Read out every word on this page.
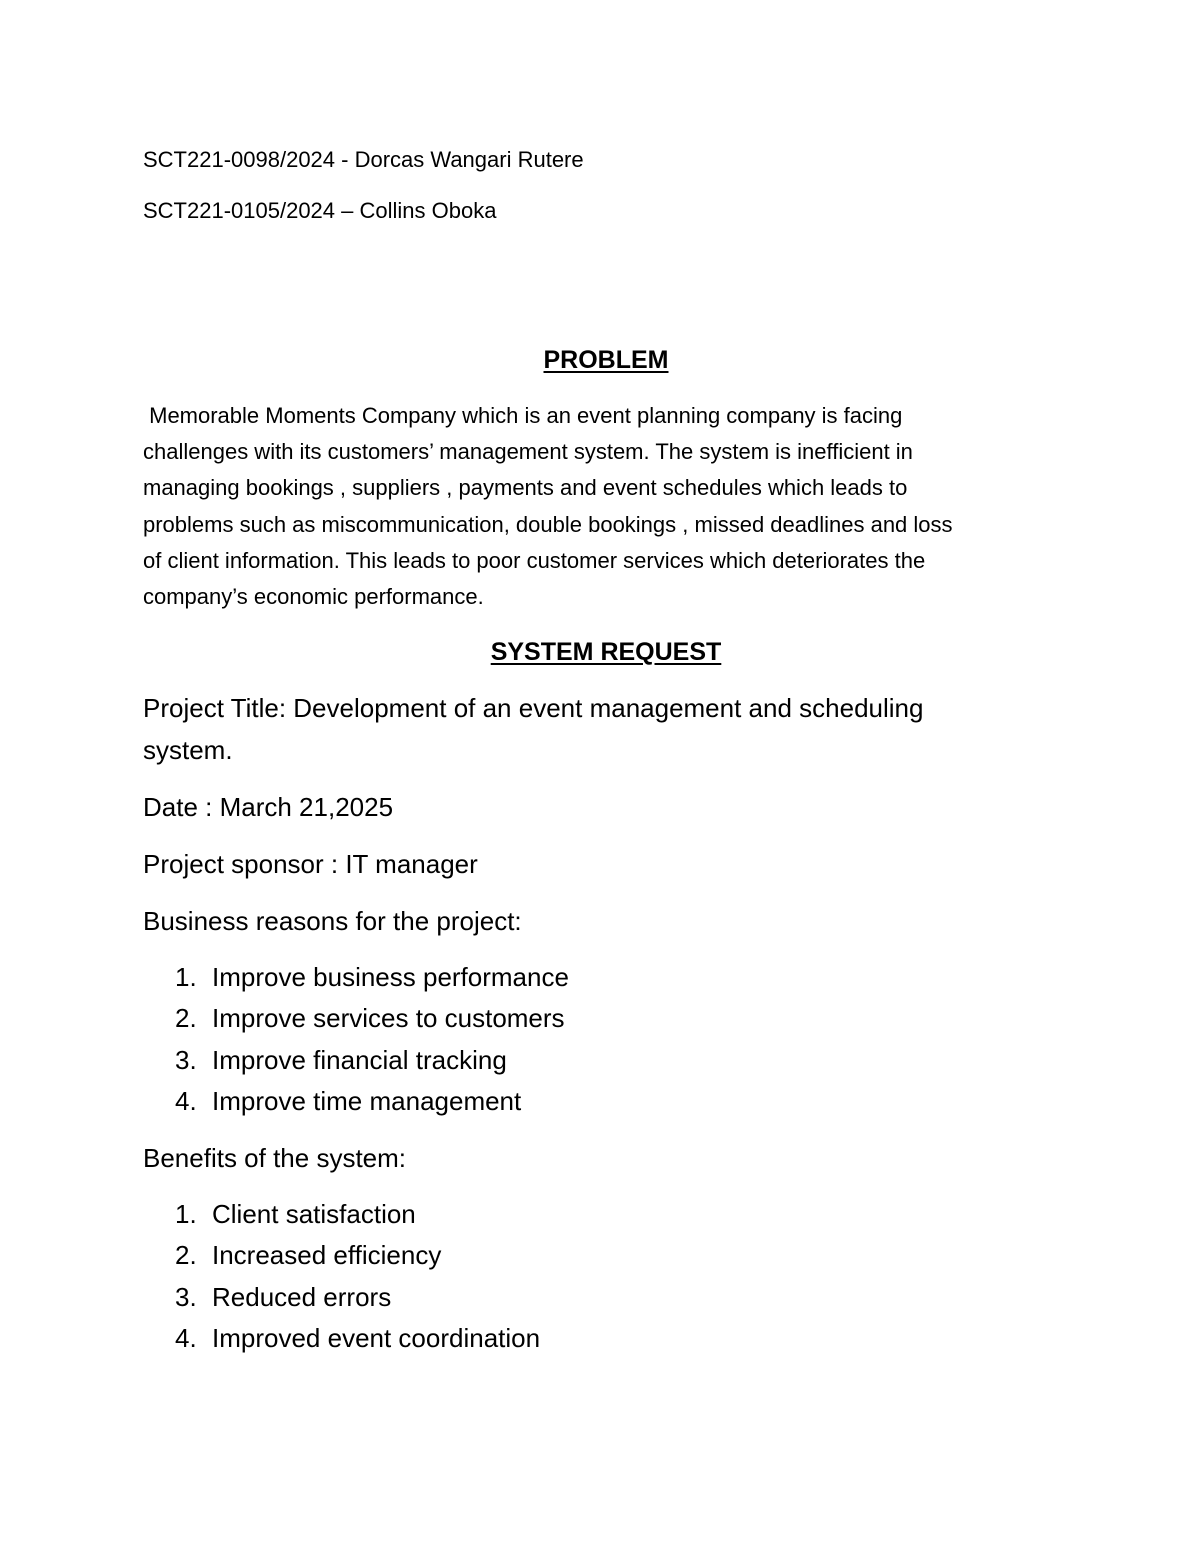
SCT221-0098/2024 - Dorcas Wangari Rutere
SCT221-0105/2024 – Collins Oboka
PROBLEM

Memorable Moments Company which is an event planning company is facing

challenges with its customers’ management system. The system is inefficient in

managing bookings , suppliers , payments and event schedules which leads to

problems such as miscommunication, double bookings , missed deadlines and loss

of client information. This leads to poor customer services which deteriorates the

company’s economic performance.

SYSTEM REQUEST
Project Title: Development of an event management and scheduling
system.
Date : March 21,2025
Project sponsor : IT manager
Business reasons for the project:
1. Improve business performance
2. Improve services to customers
3. Improve financial tracking
4. Improve time management
Benefits of the system:
1. Client satisfaction
2. Increased efficiency
3. Reduced errors
4. Improved event coordination
